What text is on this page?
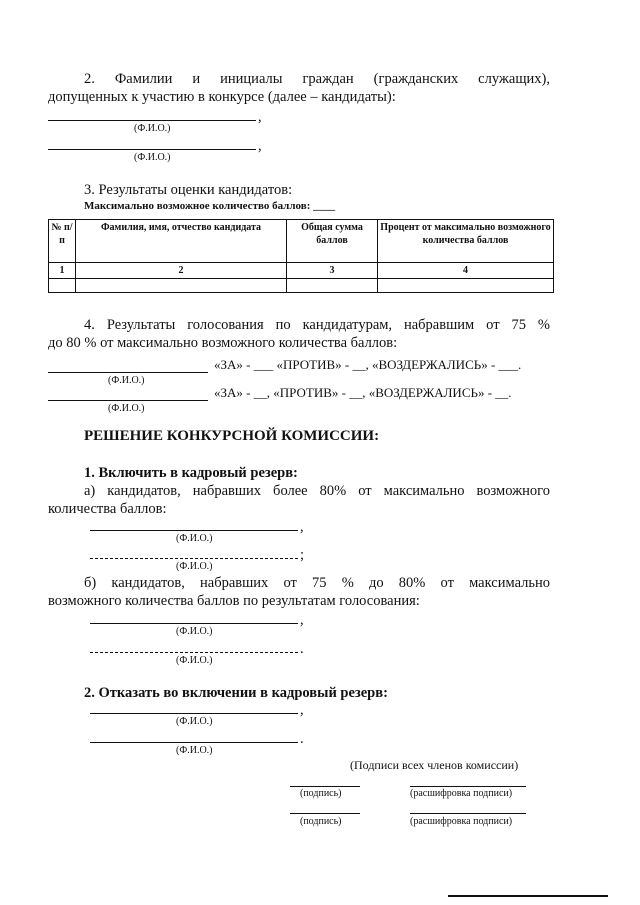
2. Фамилии и инициалы граждан (гражданских служащих),
допущенных к участию в конкурсе (далее – кандидаты):
,
(Ф.И.О.)
,
(Ф.И.О.)
3. Результаты оценки кандидатов:
Максимально возможное количество баллов: ____
№ п/п	Фамилия, имя, отчество кандидата	Общая сумма баллов	Процент от максимально возможного количества баллов
1	2	3	4

4. Результаты голосования по кандидатурам, набравшим от 75 %
до 80 % от максимально возможного количества баллов:
«ЗА» - ___ «ПРОТИВ» - __, «ВОЗДЕРЖАЛИСЬ» - ___.
(Ф.И.О.)
«ЗА» - __, «ПРОТИВ» - __, «ВОЗДЕРЖАЛИСЬ» - __.
(Ф.И.О.)
РЕШЕНИЕ КОНКУРСНОЙ КОМИССИИ:
1. Включить в кадровый резерв:
а) кандидатов, набравших более 80% от максимально возможного
количества баллов:
,
(Ф.И.О.)
;
(Ф.И.О.)
б) кандидатов, набравших от 75 % до 80% от максимально
возможного количества баллов по результатам голосования:
,
(Ф.И.О.)
.
(Ф.И.О.)
2. Отказать во включении в кадровый резерв:
,
(Ф.И.О.)
.
(Ф.И.О.)
(Подписи всех членов комиссии)
(подпись)	(расшифровка подписи)
(подпись)	(расшифровка подписи)
